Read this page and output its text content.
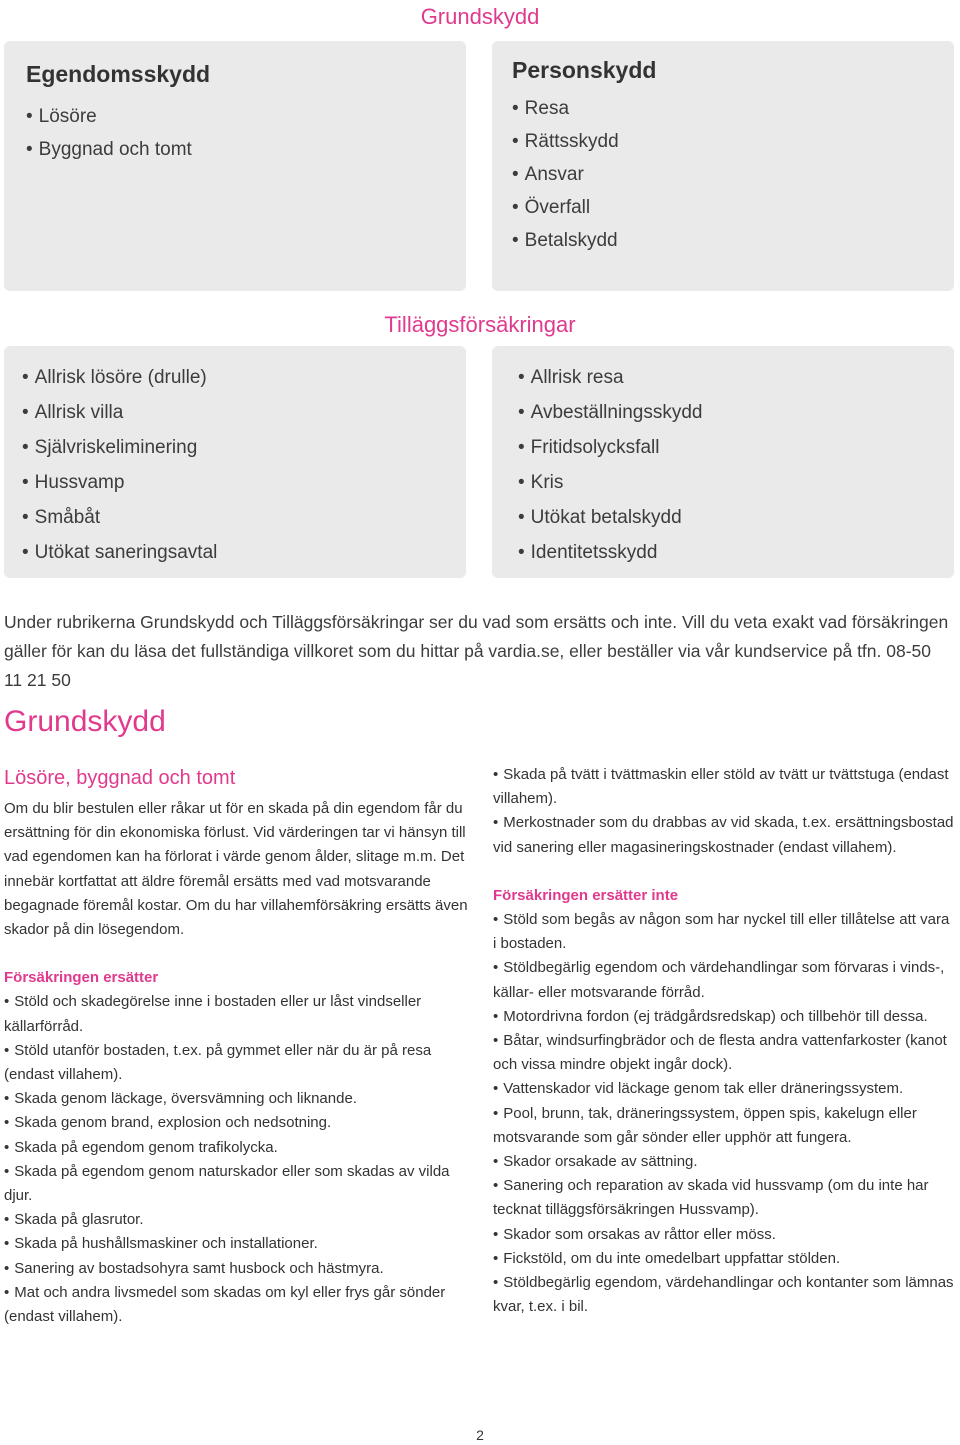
Grundskydd
Egendomsskydd
• Lösöre
• Byggnad och tomt
Personskydd
• Resa
• Rättsskydd
• Ansvar
• Överfall
• Betalskydd
Tilläggsförsäkringar
• Allrisk lösöre (drulle)
• Allrisk villa
• Självriskeliminering
• Hussvamp
• Småbåt
• Utökat saneringsavtal
• Allrisk resa
• Avbeställningsskydd
• Fritidsolycksfall
• Kris
• Utökat betalskydd
• Identitetsskydd

Under rubrikerna Grundskydd och Tilläggsförsäkringar ser du vad som ersätts och inte. Vill du veta exakt vad försäkringen gäller för kan du läsa det fullständiga villkoret som du hittar på vardia.se, eller beställer via vår kundservice på tfn. 08-50 11 21 50

Grundskydd
Lösöre, byggnad och tomt

Om du blir bestulen eller råkar ut för en skada på din egendom får du ersättning för din ekonomiska förlust. Vid värderingen tar vi hänsyn till vad egendomen kan ha förlorat i värde genom ålder, slitage m.m. Det innebär kortfattat att äldre föremål ersätts med vad motsvarande begagnade föremål kostar. Om du har villahemförsäkring ersätts även skador på din lösegendom.

Försäkringen ersätter

• Stöld och skadegörelse inne i bostaden eller ur låst vindseller källarförråd.
• Stöld utanför bostaden, t.ex. på gymmet eller när du är på resa (endast villahem).
• Skada genom läckage, översvämning och liknande.
• Skada genom brand, explosion och nedsotning.
• Skada på egendom genom trafikolycka.
• Skada på egendom genom naturskador eller som skadas av vilda djur.
• Skada på glasrutor.
• Skada på hushållsmaskiner och installationer.
• Sanering av bostadsohyra samt husbock och hästmyra.
• Mat och andra livsmedel som skadas om kyl eller frys går sönder (endast villahem).
• Skada på tvätt i tvättmaskin eller stöld av tvätt ur tvättstuga (endast villahem).
• Merkostnader som du drabbas av vid skada, t.ex. ersättningsbostad vid sanering eller magasineringskostnader (endast villahem).

Försäkringen ersätter inte

• Stöld som begås av någon som har nyckel till eller tillåtelse att vara i bostaden.
• Stöldbegärlig egendom och värdehandlingar som förvaras i vinds-, källar- eller motsvarande förråd.
• Motordrivna fordon (ej trädgårdsredskap) och tillbehör till dessa.
• Båtar, windsurfingbrädor och de flesta andra vattenfarkoster (kanot och vissa mindre objekt ingår dock).
• Vattenskador vid läckage genom tak eller dräneringssystem.
• Pool, brunn, tak, dräneringssystem, öppen spis, kakelugn eller motsvarande som går sönder eller upphör att fungera.
• Skador orsakade av sättning.
• Sanering och reparation av skada vid hussvamp (om du inte har tecknat tilläggsförsäkringen Hussvamp).
• Skador som orsakas av råttor eller möss.
• Fickstöld, om du inte omedelbart uppfattar stölden.
• Stöldbegärlig egendom, värdehandlingar och kontanter som lämnas kvar, t.ex. i bil.
2
